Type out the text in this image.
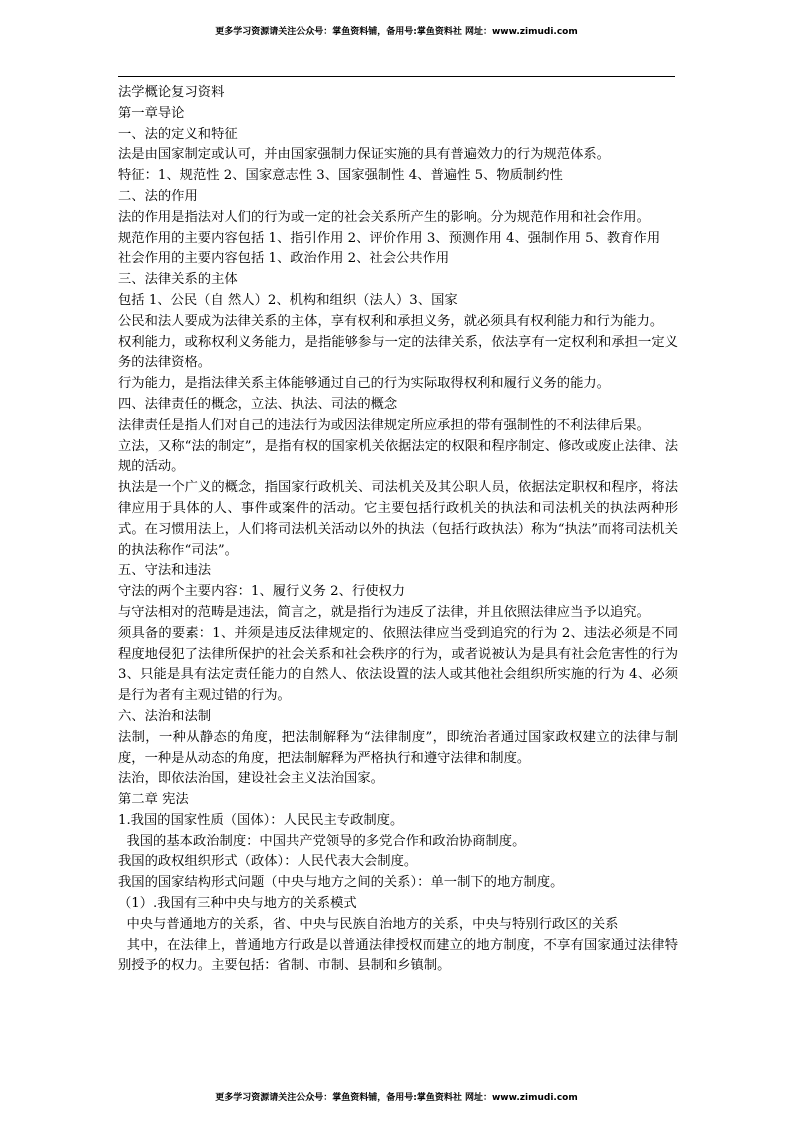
更多学习资源请关注公众号：掌鱼资料铺，备用号:掌鱼资料社 网址：www.zimudi.com

法学概论复习资料

第一章导论

一、法的定义和特征

法是由国家制定或认可，并由国家强制力保证实施的具有普遍效力的行为规范体系。

特征：1、规范性 2、国家意志性 3、国家强制性 4、普遍性 5、物质制约性

二、法的作用

法的作用是指法对人们的行为或一定的社会关系所产生的影响。分为规范作用和社会作用。

规范作用的主要内容包括 1、指引作用 2、评价作用 3、预测作用 4、强制作用 5、教育作用

社会作用的主要内容包括 1、政治作用 2、社会公共作用

三、法律关系的主体

包括 1、公民（自 然人）2、机构和组织（法人）3、国家

公民和法人要成为法律关系的主体，享有权利和承担义务，就必须具有权利能力和行为能力。

权利能力，或称权利义务能力，是指能够参与一定的法律关系，依法享有一定权利和承担一定义务的法律资格。

行为能力，是指法律关系主体能够通过自己的行为实际取得权利和履行义务的能力。

四、法律责任的概念，立法、执法、司法的概念

法律责任是指人们对自己的违法行为或因法律规定所应承担的带有强制性的不利法律后果。

立法，又称“法的制定”，是指有权的国家机关依据法定的权限和程序制定、修改或废止法律、法规的活动。

执法是一个广义的概念，指国家行政机关、司法机关及其公职人员，依据法定职权和程序，将法律应用于具体的人、事件或案件的活动。它主要包括行政机关的执法和司法机关的执法两种形式。在习惯用法上，人们将司法机关活动以外的执法（包括行政执法）称为“执法”而将司法机关的执法称作“司法”。

五、守法和违法

守法的两个主要内容：1、履行义务 2、行使权力

与守法相对的范畴是违法，简言之，就是指行为违反了法律，并且依照法律应当予以追究。

须具备的要素：1、并须是违反法律规定的、依照法律应当受到追究的行为 2、违法必须是不同程度地侵犯了法律所保护的社会关系和社会秩序的行为，或者说被认为是具有社会危害性的行为 3、只能是具有法定责任能力的自然人、依法设置的法人或其他社会组织所实施的行为 4、必须是行为者有主观过错的行为。

六、法治和法制

法制，一种从静态的角度，把法制解释为“法律制度”，即统治者通过国家政权建立的法律与制度，一种是从动态的角度，把法制解释为严格执行和遵守法律和制度。

法治，即依法治国，建设社会主义法治国家。

第二章 宪法

1.我国的国家性质（国体）：人民民主专政制度。

我国的基本政治制度：中国共产党领导的多党合作和政治协商制度。

我国的政权组织形式（政体）：人民代表大会制度。

我国的国家结构形式问题（中央与地方之间的关系）：单一制下的地方制度。

（1）.我国有三种中央与地方的关系模式

中央与普通地方的关系，省、中央与民族自治地方的关系，中央与特别行政区的关系

其中，在法律上，普通地方行政是以普通法律授权而建立的地方制度，不享有国家通过法律特别授予的权力。主要包括：省制、市制、县制和乡镇制。

更多学习资源请关注公众号：掌鱼资料铺，备用号:掌鱼资料社 网址：www.zimudi.com
